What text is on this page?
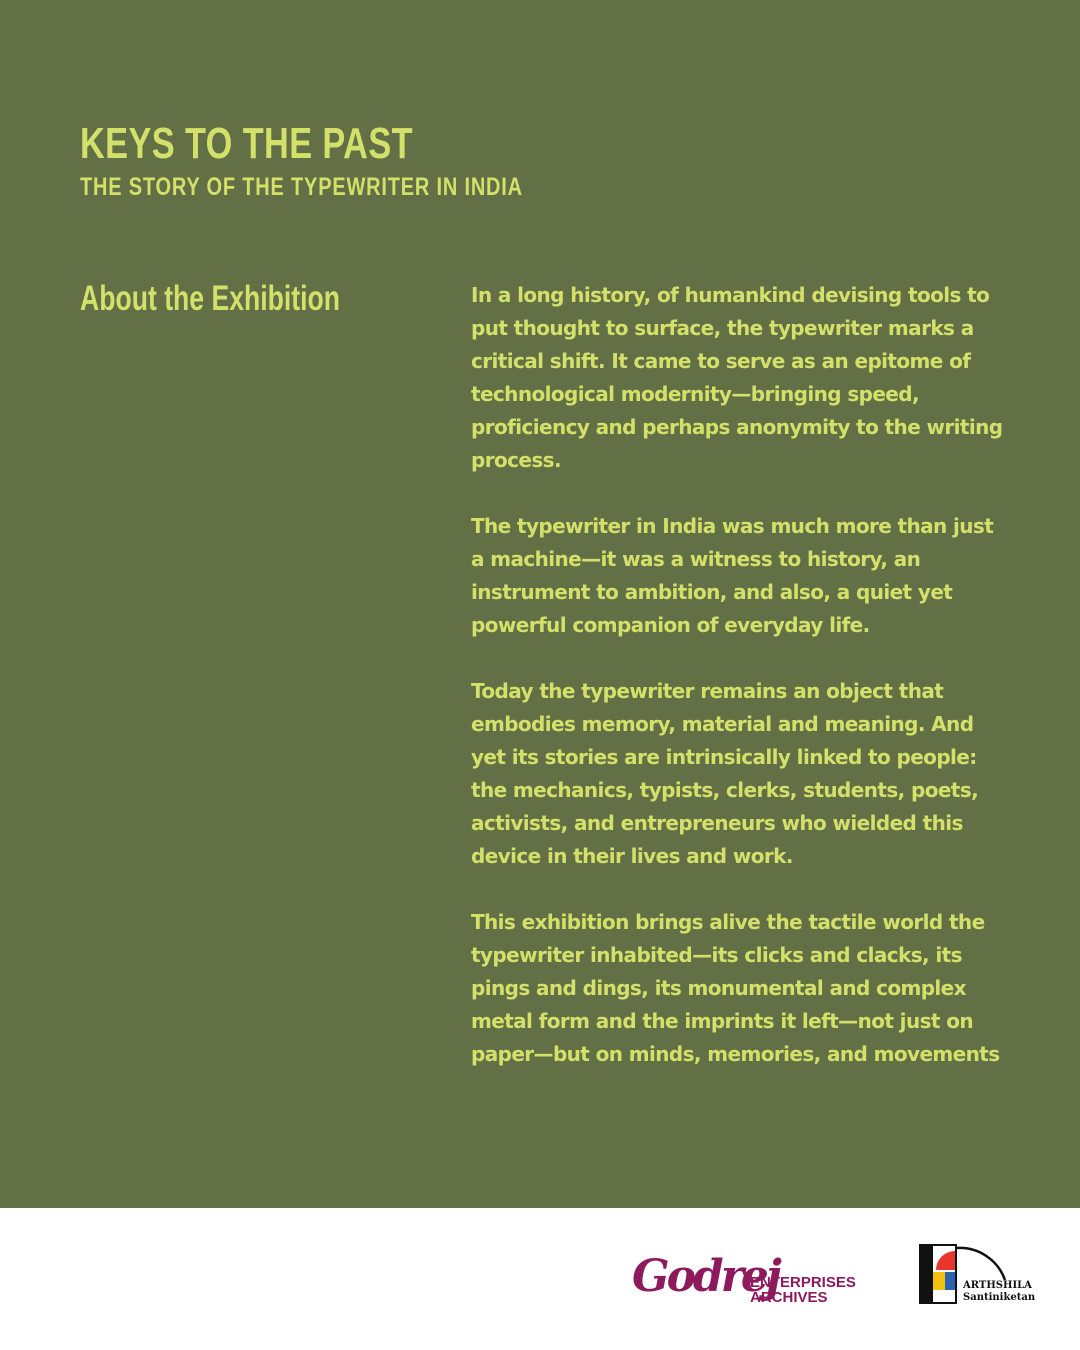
KEYS TO THE PAST
THE STORY OF THE TYPEWRITER IN INDIA
About the Exhibition	In a long history, of humankind devising tools to put thought to surface, the typewriter marks a critical shift. It came to serve as an epitome of technological modernity—bringing speed, proficiency and perhaps anonymity to the writing process.

The typewriter in India was much more than just a machine—it was a witness to history, an instrument to ambition, and also, a quiet yet powerful companion of everyday life.

Today the typewriter remains an object that embodies memory, material and meaning. And yet its stories are intrinsically linked to people: the mechanics, typists, clerks, students, poets, activists, and entrepreneurs who wielded this device in their lives and work.

This exhibition brings alive the tactile world the typewriter inhabited—its clicks and clacks, its pings and dings, its monumental and complex metal form and the imprints it left—not just on paper—but on minds, memories, and movements

Godrej
ENTERPRISES
ARCHIVES
ARTHSHILA
Santiniketan
